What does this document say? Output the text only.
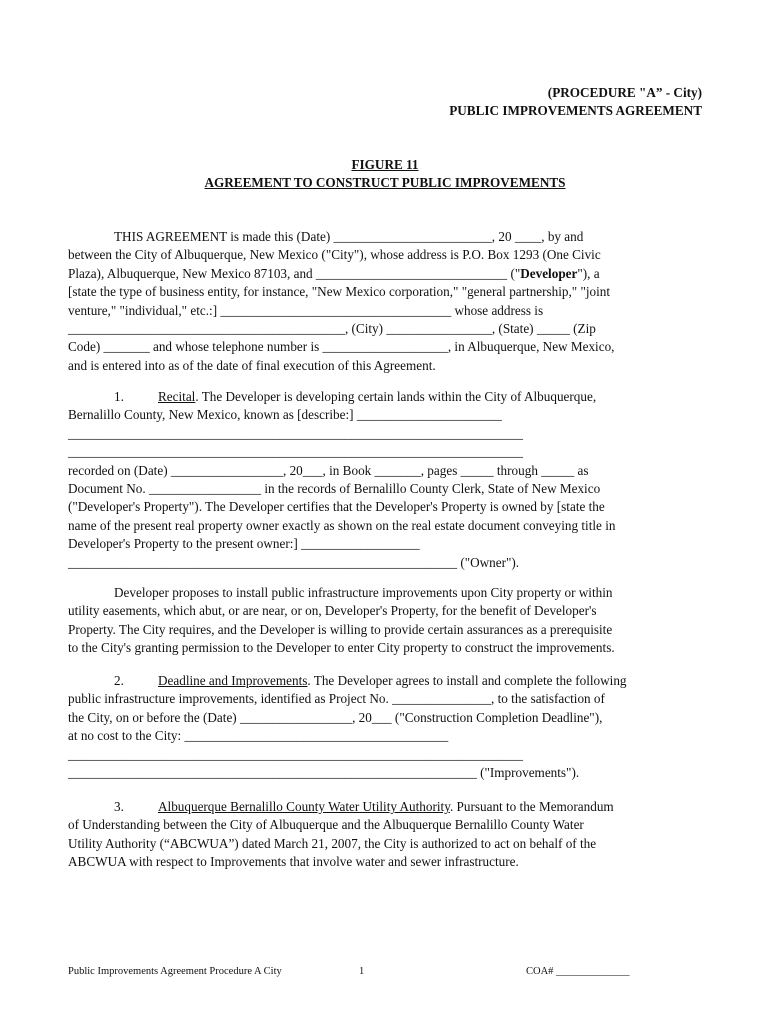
(PROCEDURE "A” - City)
PUBLIC IMPROVEMENTS AGREEMENT
FIGURE 11
AGREEMENT TO CONSTRUCT PUBLIC IMPROVEMENTS
THIS AGREEMENT is made this (Date) ________________________, 20 ____, by and
between the City of Albuquerque, New Mexico ("City"), whose address is P.O. Box 1293 (One Civic
Plaza), Albuquerque, New Mexico 87103, and _____________________________ ("Developer"), a
[state the type of business entity, for instance, "New Mexico corporation," "general partnership," "joint
venture," "individual," etc.:] ___________________________________ whose address is
__________________________________________, (City) ________________, (State) _____ (Zip
Code) _______ and whose telephone number is ___________________, in Albuquerque, New Mexico,
and is entered into as of the date of final execution of this Agreement.
1.	Recital. The Developer is developing certain lands within the City of Albuquerque,
Bernalillo County, New Mexico, known as [describe:] ______________________
_____________________________________________________________________
_____________________________________________________________________
recorded on (Date) _________________, 20___, in Book _______, pages _____ through _____ as
Document No. _________________ in the records of Bernalillo County Clerk, State of New Mexico
("Developer's Property"). The Developer certifies that the Developer's Property is owned by [state the
name of the present real property owner exactly as shown on the real estate document conveying title in
Developer's Property to the present owner:] __________________
___________________________________________________________ ("Owner").
Developer proposes to install public infrastructure improvements upon City property or within
utility easements, which abut, or are near, or on, Developer's Property, for the benefit of Developer's
Property. The City requires, and the Developer is willing to provide certain assurances as a prerequisite
to the City's granting permission to the Developer to enter City property to construct the improvements.
2.	Deadline and Improvements. The Developer agrees to install and complete the following
public infrastructure improvements, identified as Project No. _______________, to the satisfaction of
the City, on or before the (Date) _________________, 20___ ("Construction Completion Deadline"),
at no cost to the City: ________________________________________
_____________________________________________________________________
______________________________________________________________ ("Improvements").
3.	Albuquerque Bernalillo County Water Utility Authority. Pursuant to the Memorandum
of Understanding between the City of Albuquerque and the Albuquerque Bernalillo County Water
Utility Authority (“ABCWUA”) dated March 21, 2007, the City is authorized to act on behalf of the
ABCWUA with respect to Improvements that involve water and sewer infrastructure.
Public Improvements Agreement Procedure A City	1	COA# ______________
